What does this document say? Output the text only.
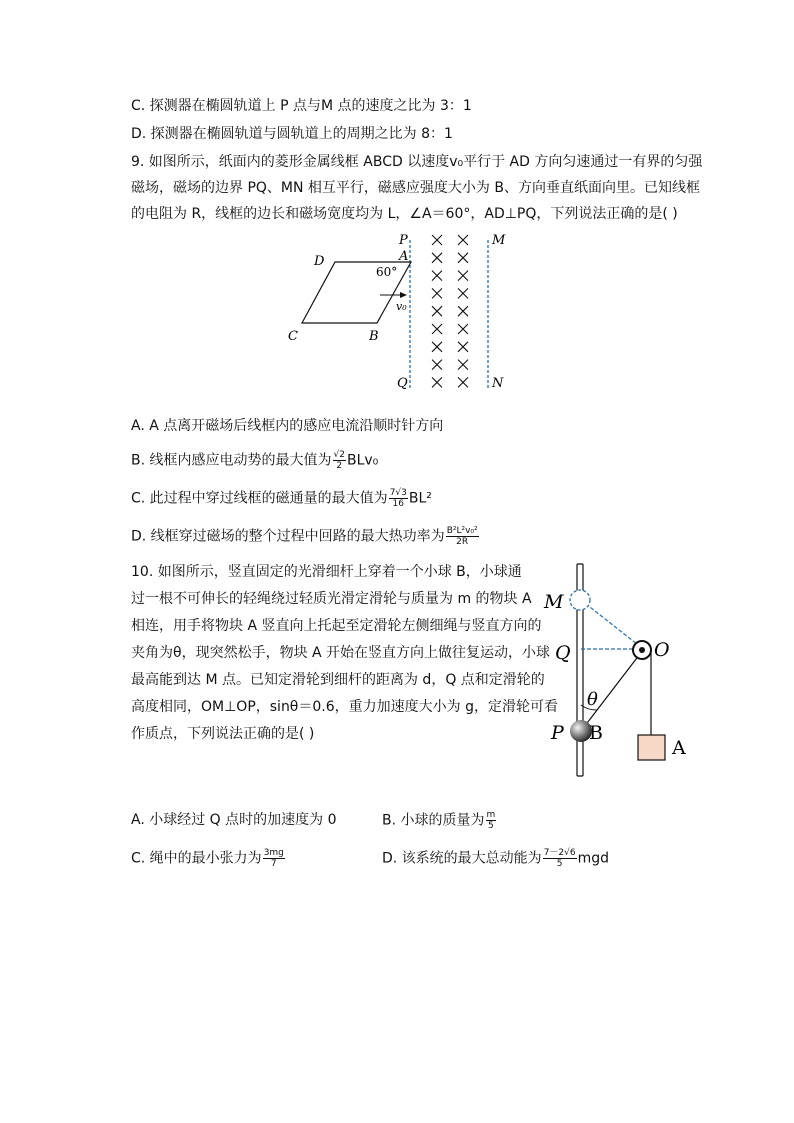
C. 探测器在椭圆轨道上 P 点与M 点的速度之比为 3：1
D. 探测器在椭圆轨道与圆轨道上的周期之比为 8：1
9. 如图所示，纸面内的菱形金属线框 ABCD 以速度v₀平行于 AD 方向匀速通过一有界的匀强
磁场，磁场的边界 PQ、MN 相互平行，磁感应强度大小为 B、方向垂直纸面向里。已知线框
的电阻为 R，线框的边长和磁场宽度均为 L，∠A＝60°，AD⊥PQ，下列说法正确的是( )
P
Q
M
N
A
D
C	B
60°
v₀
A. A 点离开磁场后线框内的感应电流沿顺时针方向
B. 线框内感应电动势的最大值为 $\frac{√2}{2} BLv_0$
C. 此过程中穿过线框的磁通量的最大值为 $\frac{7√3}{16} BL^2$
D. 线框穿过磁场的整个过程中回路的最大热功率为 $\frac{\text{B²L²v₀²}}{2R}$
10. 如图所示，竖直固定的光滑细杆上穿着一个小球 B，小球通
过一根不可伸长的轻绳绕过轻质光滑定滑轮与质量为 m 的物块 A
相连，用手将物块 A 竖直向上托起至定滑轮左侧细绳与竖直方向的
夹角为θ，现突然松手，物块 A 开始在竖直方向上做往复运动，小球
最高能到达 M 点。已知定滑轮到细杆的距离为 d，Q 点和定滑轮的
高度相同，OM⊥OP，sinθ＝0.6，重力加速度大小为 g，定滑轮可看
作质点，下列说法正确的是( )
M
Q	O
P B
A
θ
A. 小球经过 Q 点时的加速度为 0	B. 小球的质量为 $\frac{m}{5}$
C. 绳中的最小张力为 $\frac{3mg}{7}$	D. 该系统的最大总动能为 $\frac{7-2√6}{5}$ mgd
